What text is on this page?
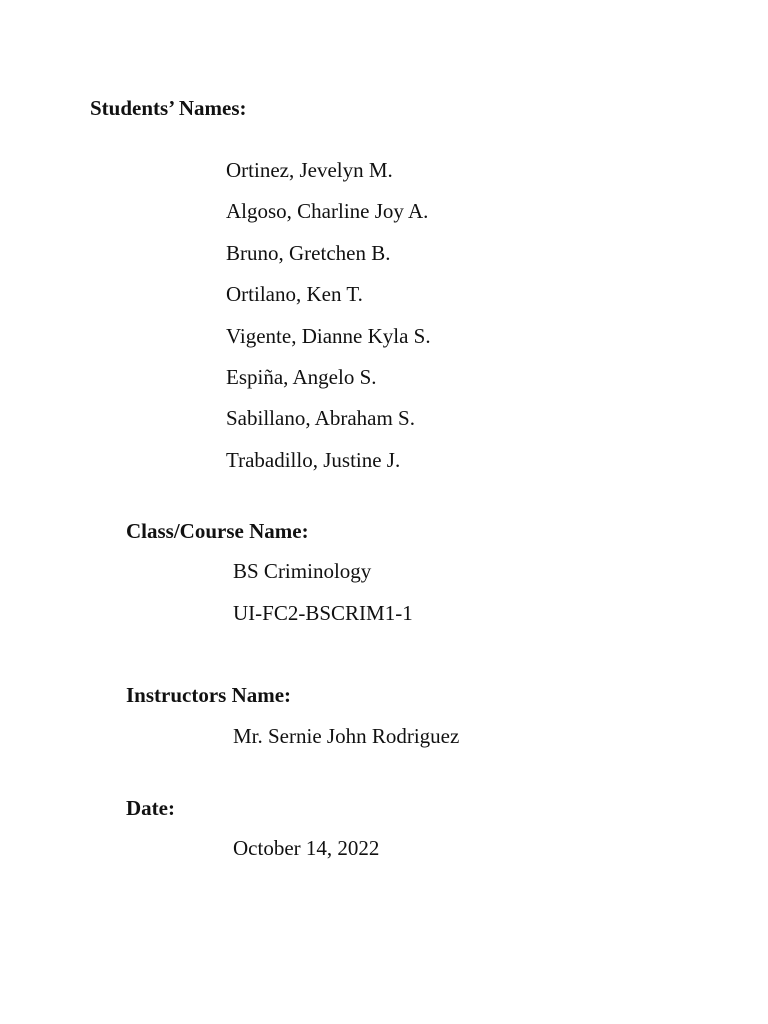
Students’ Names:
Ortinez, Jevelyn M.
Algoso, Charline Joy A.
Bruno, Gretchen B.
Ortilano, Ken T.
Vigente, Dianne Kyla S.
Espiña, Angelo S.
Sabillano, Abraham S.
Trabadillo, Justine J.
Class/Course Name:
BS Criminology
UI-FC2-BSCRIM1-1
Instructors Name:
Mr. Sernie John Rodriguez
Date:
October 14, 2022
